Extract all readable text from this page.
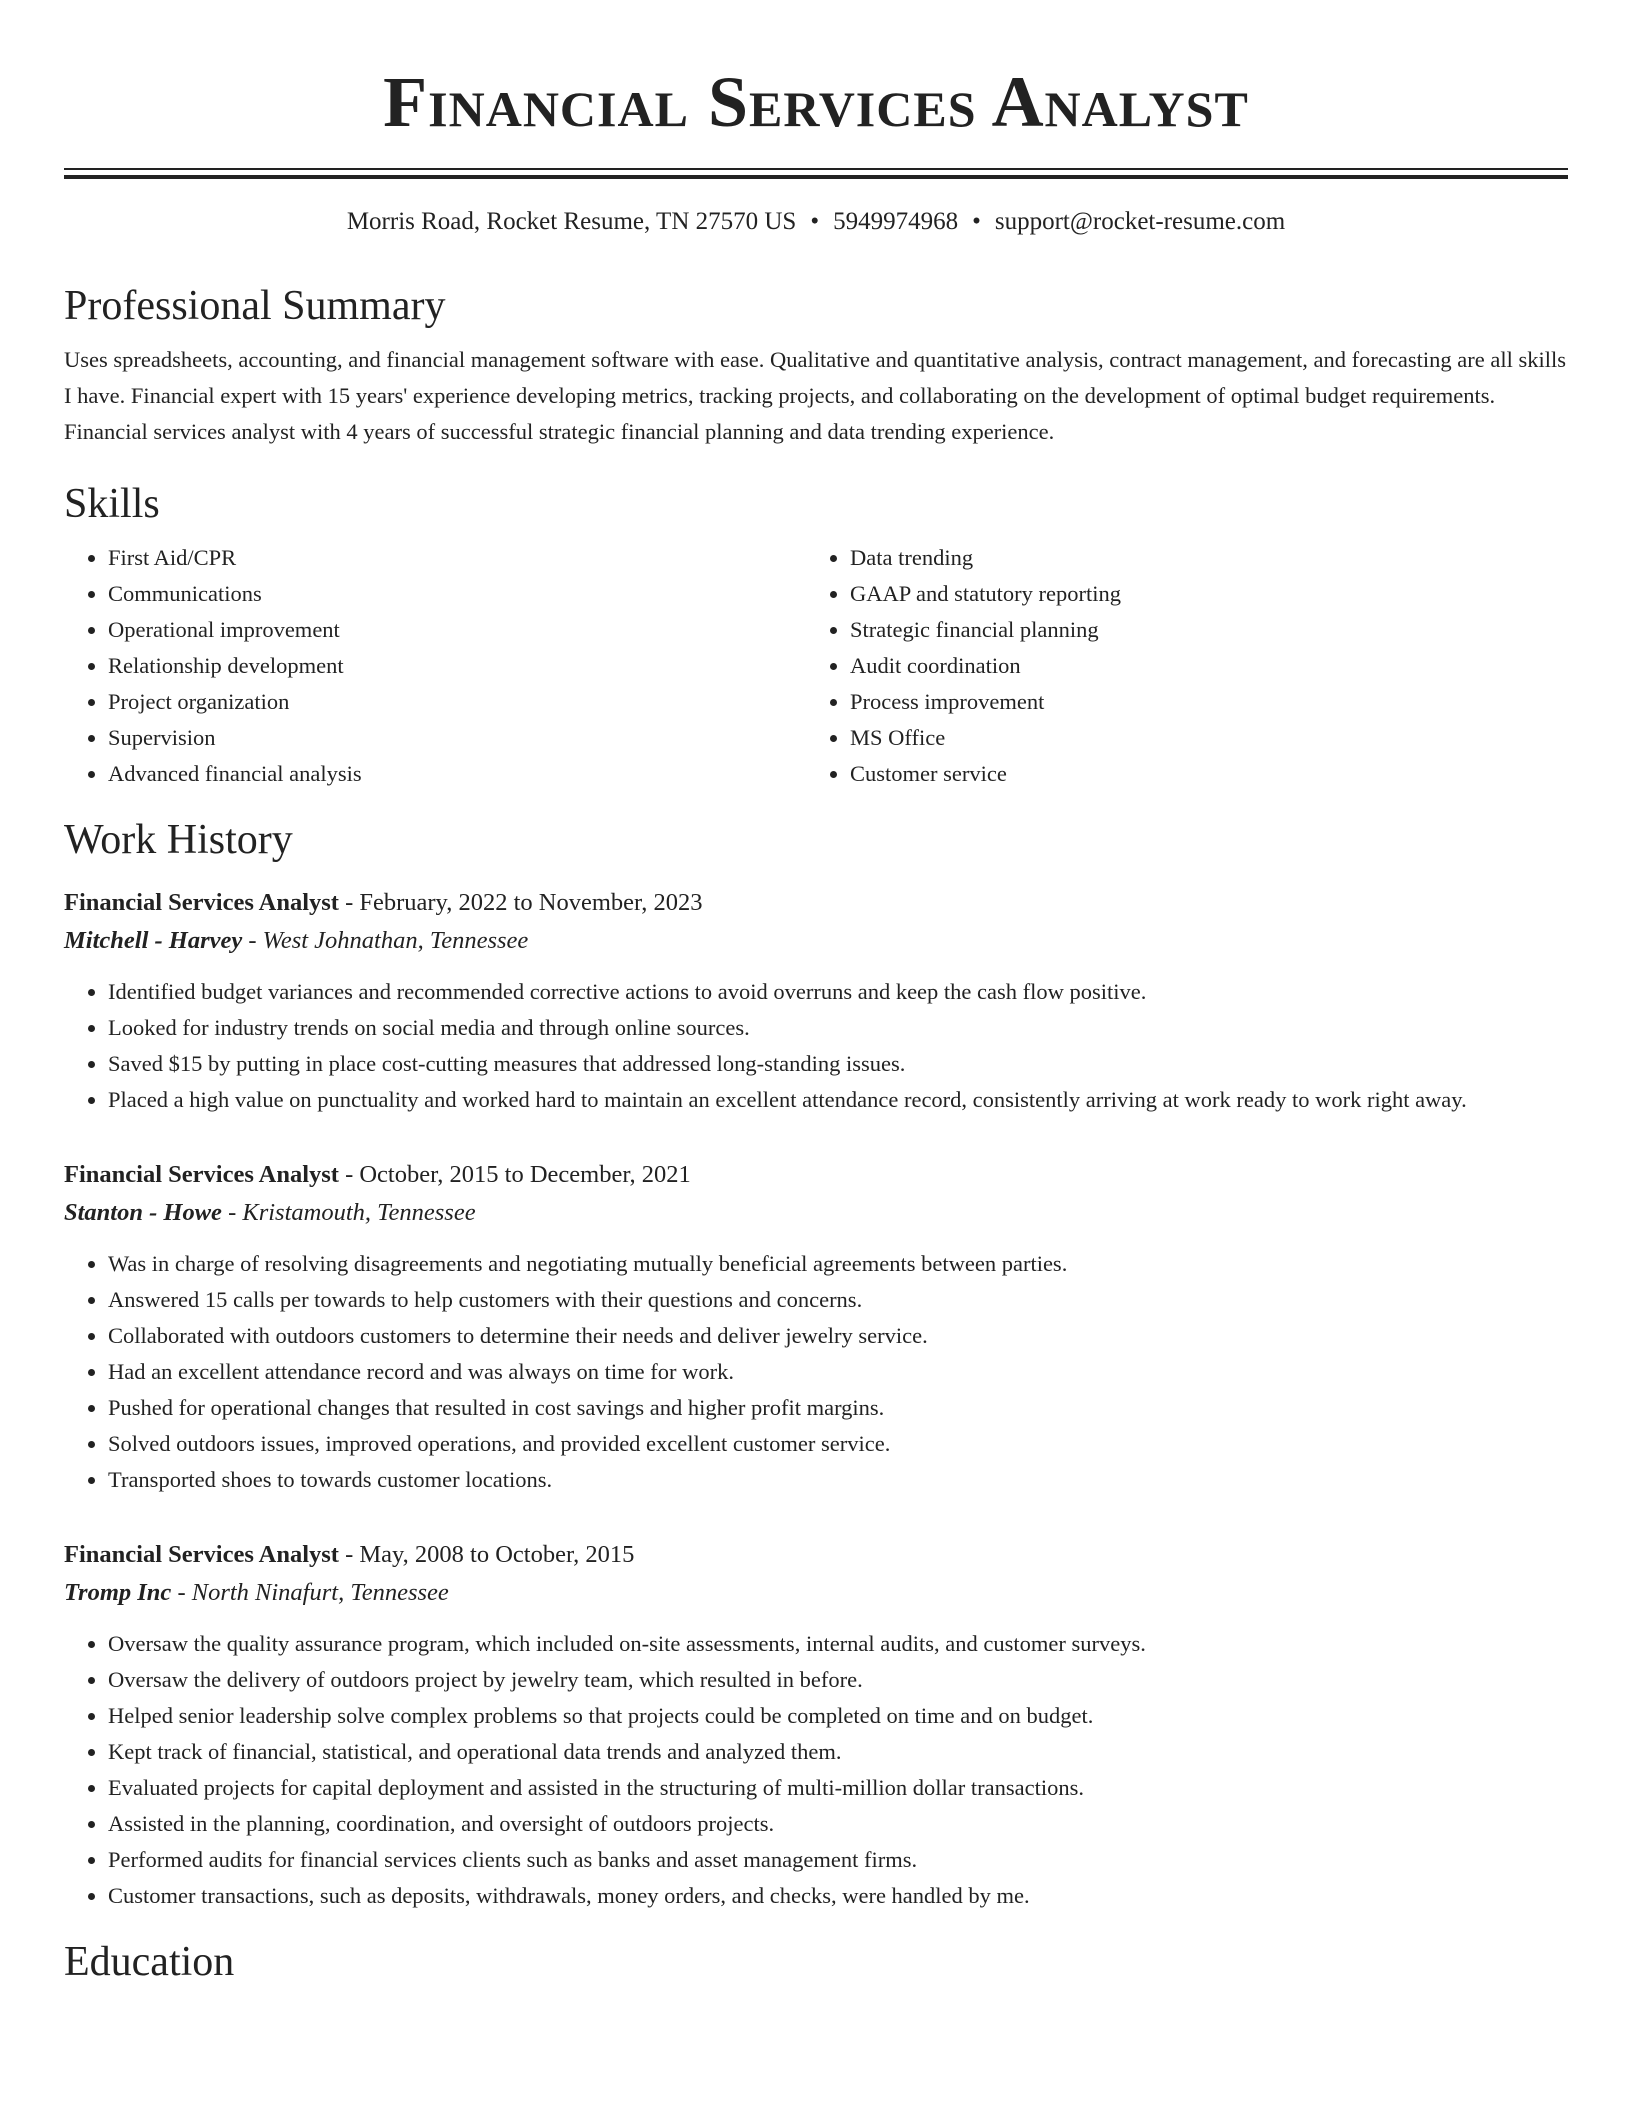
Financial Services Analyst
Morris Road, Rocket Resume, TN 27570 US • 5949974968 • support@rocket-resume.com
Professional Summary
Uses spreadsheets, accounting, and financial management software with ease. Qualitative and quantitative analysis, contract management, and forecasting are all skills I have. Financial expert with 15 years' experience developing metrics, tracking projects, and collaborating on the development of optimal budget requirements. Financial services analyst with 4 years of successful strategic financial planning and data trending experience.
Skills
• First Aid/CPR
• Communications
• Operational improvement
• Relationship development
• Project organization
• Supervision
• Advanced financial analysis
• Data trending
• GAAP and statutory reporting
• Strategic financial planning
• Audit coordination
• Process improvement
• MS Office
• Customer service
Work History
Financial Services Analyst - February, 2022 to November, 2023
Mitchell - Harvey - West Johnathan, Tennessee
• Identified budget variances and recommended corrective actions to avoid overruns and keep the cash flow positive.
• Looked for industry trends on social media and through online sources.
• Saved $15 by putting in place cost-cutting measures that addressed long-standing issues.
• Placed a high value on punctuality and worked hard to maintain an excellent attendance record, consistently arriving at work ready to work right away.
Financial Services Analyst - October, 2015 to December, 2021
Stanton - Howe - Kristamouth, Tennessee
• Was in charge of resolving disagreements and negotiating mutually beneficial agreements between parties.
• Answered 15 calls per towards to help customers with their questions and concerns.
• Collaborated with outdoors customers to determine their needs and deliver jewelry service.
• Had an excellent attendance record and was always on time for work.
• Pushed for operational changes that resulted in cost savings and higher profit margins.
• Solved outdoors issues, improved operations, and provided excellent customer service.
• Transported shoes to towards customer locations.
Financial Services Analyst - May, 2008 to October, 2015
Tromp Inc - North Ninafurt, Tennessee
• Oversaw the quality assurance program, which included on-site assessments, internal audits, and customer surveys.
• Oversaw the delivery of outdoors project by jewelry team, which resulted in before.
• Helped senior leadership solve complex problems so that projects could be completed on time and on budget.
• Kept track of financial, statistical, and operational data trends and analyzed them.
• Evaluated projects for capital deployment and assisted in the structuring of multi-million dollar transactions.
• Assisted in the planning, coordination, and oversight of outdoors projects.
• Performed audits for financial services clients such as banks and asset management firms.
• Customer transactions, such as deposits, withdrawals, money orders, and checks, were handled by me.
Education
